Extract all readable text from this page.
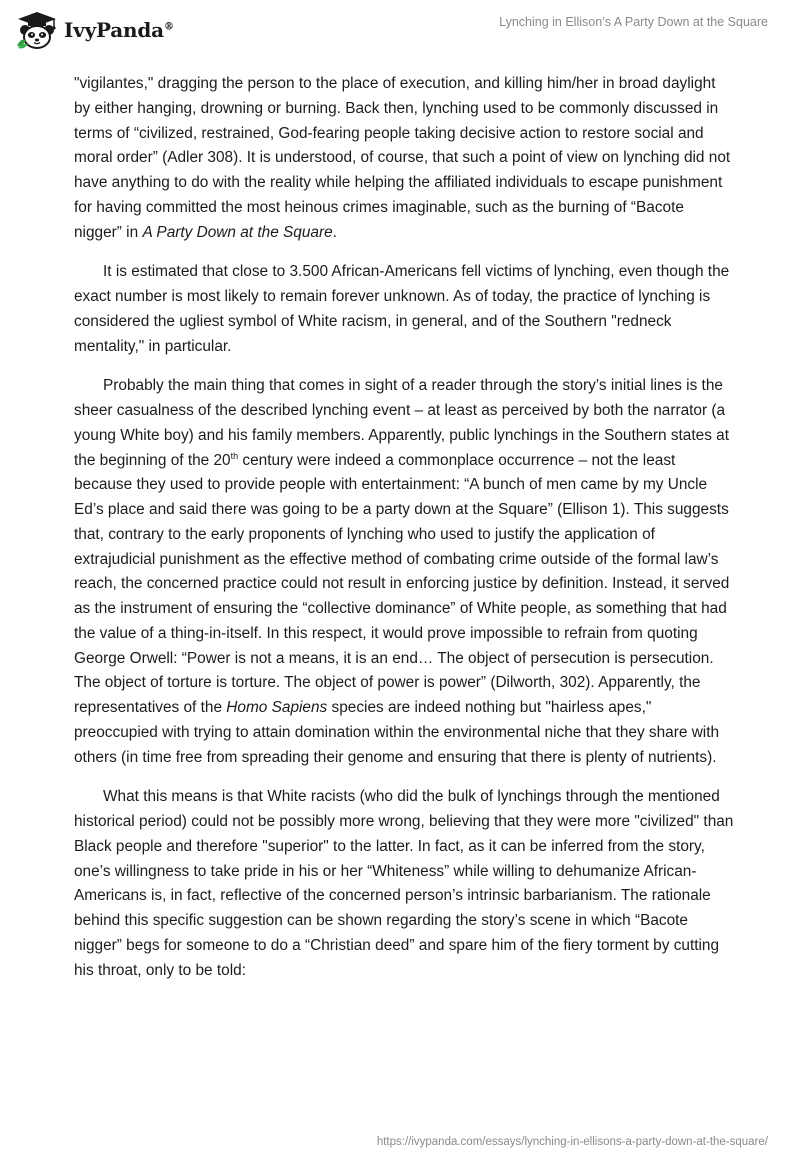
IvyPanda®	Lynching in Ellison’s A Party Down at the Square

"vigilantes," dragging the person to the place of execution, and killing him/her in broad daylight by either hanging, drowning or burning. Back then, lynching used to be commonly discussed in terms of “civilized, restrained, God-fearing people taking decisive action to restore social and moral order” (Adler 308). It is understood, of course, that such a point of view on lynching did not have anything to do with the reality while helping the affiliated individuals to escape punishment for having committed the most heinous crimes imaginable, such as the burning of “Bacote nigger” in A Party Down at the Square.

It is estimated that close to 3.500 African-Americans fell victims of lynching, even though the exact number is most likely to remain forever unknown. As of today, the practice of lynching is considered the ugliest symbol of White racism, in general, and of the Southern "redneck mentality," in particular.

Probably the main thing that comes in sight of a reader through the story’s initial lines is the sheer casualness of the described lynching event – at least as perceived by both the narrator (a young White boy) and his family members. Apparently, public lynchings in the Southern states at the beginning of the 20th century were indeed a commonplace occurrence – not the least because they used to provide people with entertainment: “A bunch of men came by my Uncle Ed’s place and said there was going to be a party down at the Square” (Ellison 1). This suggests that, contrary to the early proponents of lynching who used to justify the application of extrajudicial punishment as the effective method of combating crime outside of the formal law’s reach, the concerned practice could not result in enforcing justice by definition. Instead, it served as the instrument of ensuring the “collective dominance” of White people, as something that had the value of a thing-in-itself. In this respect, it would prove impossible to refrain from quoting George Orwell: “Power is not a means, it is an end… The object of persecution is persecution. The object of torture is torture. The object of power is power” (Dilworth, 302). Apparently, the representatives of the Homo Sapiens species are indeed nothing but "hairless apes," preoccupied with trying to attain domination within the environmental niche that they share with others (in time free from spreading their genome and ensuring that there is plenty of nutrients).

What this means is that White racists (who did the bulk of lynchings through the mentioned historical period) could not be possibly more wrong, believing that they were more "civilized" than Black people and therefore "superior" to the latter. In fact, as it can be inferred from the story, one’s willingness to take pride in his or her “Whiteness” while willing to dehumanize African-Americans is, in fact, reflective of the concerned person’s intrinsic barbarianism. The rationale behind this specific suggestion can be shown regarding the story’s scene in which “Bacote nigger” begs for someone to do a “Christian deed” and spare him of the fiery torment by cutting his throat, only to be told:

https://ivypanda.com/essays/lynching-in-ellisons-a-party-down-at-the-square/
